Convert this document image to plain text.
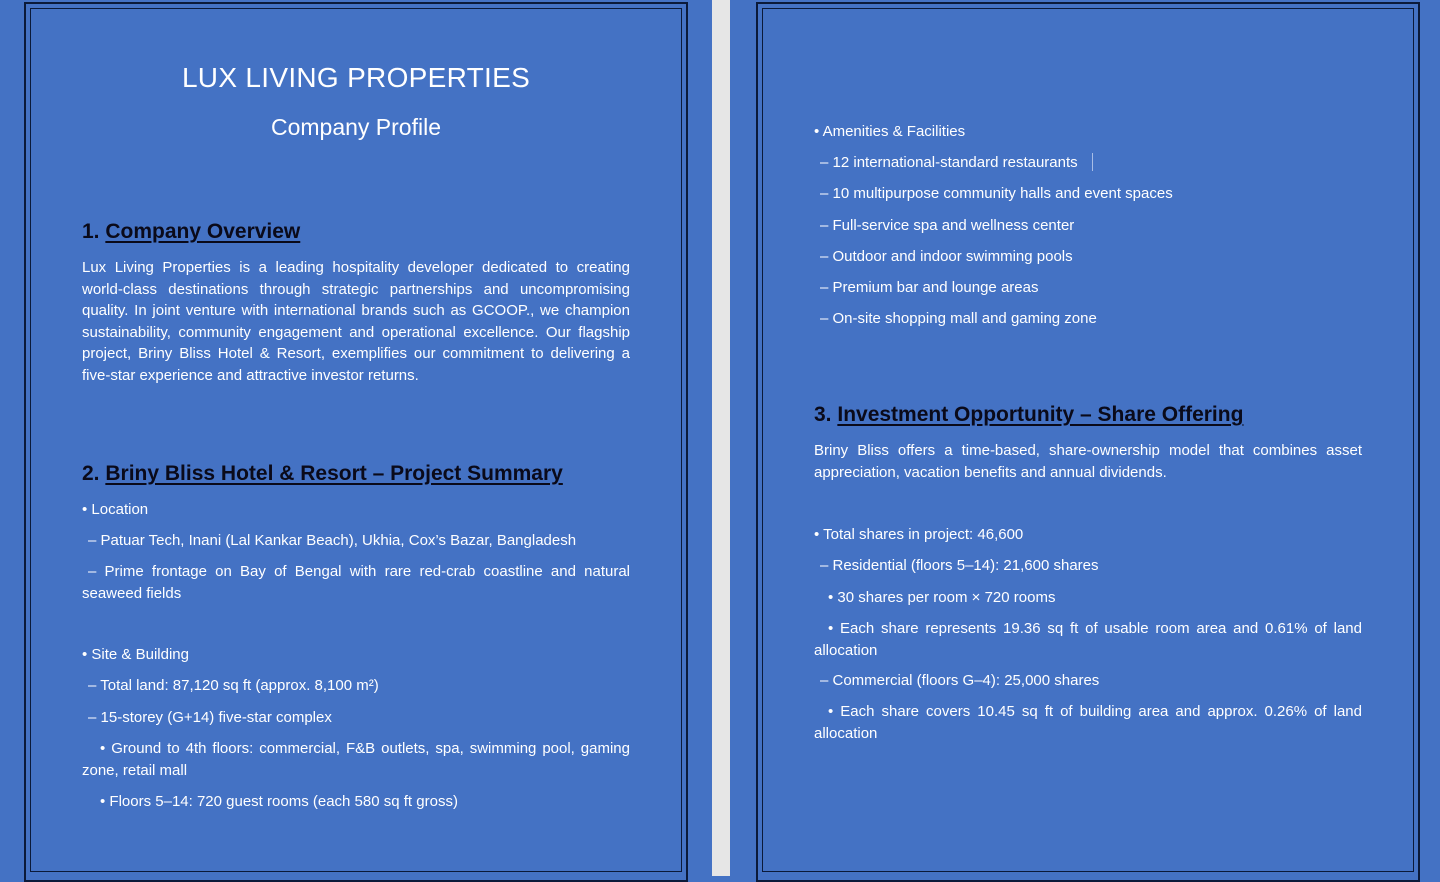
LUX LIVING PROPERTIES
Company Profile
1. Company Overview
Lux Living Properties is a leading hospitality developer dedicated to creating world-class destinations through strategic partnerships and uncompromising quality. In joint venture with international brands such as GCOOP., we champion sustainability, community engagement and operational excellence. Our flagship project, Briny Bliss Hotel & Resort, exemplifies our commitment to delivering a five-star experience and attractive investor returns.
2. Briny Bliss Hotel & Resort – Project Summary
• Location
– Patuar Tech, Inani (Lal Kankar Beach), Ukhia, Cox’s Bazar, Bangladesh
– Prime frontage on Bay of Bengal with rare red-crab coastline and natural seaweed fields
• Site & Building
– Total land: 87,120 sq ft (approx. 8,100 m²)
– 15-storey (G+14) five-star complex
• Ground to 4th floors: commercial, F&B outlets, spa, swimming pool, gaming zone, retail mall
• Floors 5–14: 720 guest rooms (each 580 sq ft gross)
• Amenities & Facilities
– 12 international-standard restaurants
– 10 multipurpose community halls and event spaces
– Full-service spa and wellness center
– Outdoor and indoor swimming pools
– Premium bar and lounge areas
– On-site shopping mall and gaming zone
3. Investment Opportunity – Share Offering
Briny Bliss offers a time-based, share-ownership model that combines asset appreciation, vacation benefits and annual dividends.
• Total shares in project: 46,600
– Residential (floors 5–14): 21,600 shares
• 30 shares per room × 720 rooms
• Each share represents 19.36 sq ft of usable room area and 0.61% of land allocation
– Commercial (floors G–4): 25,000 shares
• Each share covers 10.45 sq ft of building area and approx. 0.26% of land allocation
